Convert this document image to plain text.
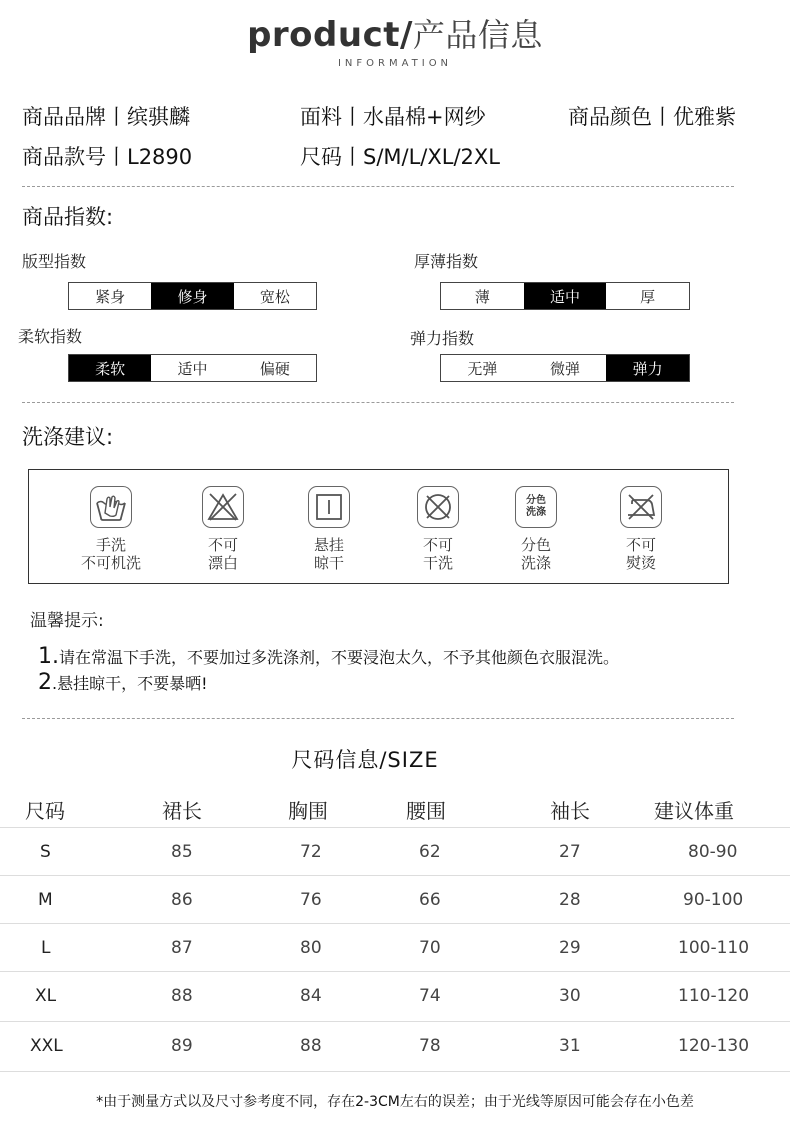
product/产品信息
INFORMATION
商品品牌丨缤骐麟	面料丨水晶棉+网纱	商品颜色丨优雅紫
商品款号丨L2890	尺码丨S/M/L/XL/2XL
商品指数:
版型指数
紧身	修身	宽松
厚薄指数
薄	适中	厚
柔软指数
柔软	适中	偏硬
弹力指数
无弹	微弹	弹力
洗涤建议:
手洗
不可机洗
不可
漂白
悬挂
晾干
不可
干洗
分色
洗涤
分色
洗涤
不可
熨烫
温馨提示:
1.请在常温下手洗，不要加过多洗涤剂，不要浸泡太久，不予其他颜色衣服混洗。
2.悬挂晾干，不要暴晒!
尺码信息/SIZE
尺码	裙长	胸围	腰围	袖长	建议体重
S	85	72	62	27	80-90
M	86	76	66	28	90-100
L	87	80	70	29	100-110
XL	88	84	74	30	110-120
XXL	89	88	78	31	120-130
*由于测量方式以及尺寸参考度不同，存在2-3CM左右的误差；由于光线等原因可能会存在小色差
